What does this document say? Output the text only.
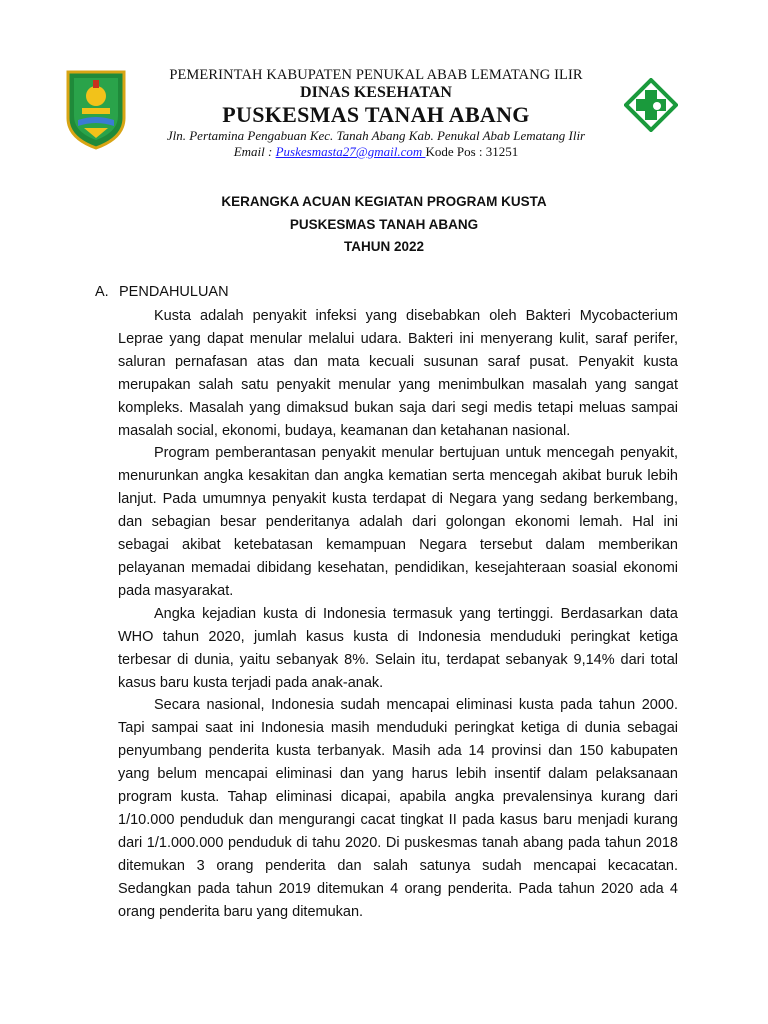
PEMERINTAH KABUPATEN PENUKAL ABAB LEMATANG ILIR
DINAS KESEHATAN
PUSKESMAS TANAH ABANG
Jln. Pertamina Pengabuan Kec. Tanah Abang Kab. Penukal Abab Lematang Ilir
Email : Puskesmasta27@gmail.com Kode Pos : 31251
KERANGKA ACUAN KEGIATAN PROGRAM KUSTA
PUSKESMAS TANAH ABANG
TAHUN 2022
A. PENDAHULUAN

Kusta adalah penyakit infeksi yang disebabkan oleh Bakteri Mycobacterium Leprae yang dapat menular melalui udara. Bakteri ini menyerang kulit, saraf perifer, saluran pernafasan atas dan mata kecuali susunan saraf pusat. Penyakit kusta merupakan salah satu penyakit menular yang menimbulkan masalah yang sangat kompleks. Masalah yang dimaksud bukan saja dari segi medis tetapi meluas sampai masalah social, ekonomi, budaya, keamanan dan ketahanan nasional.

Program pemberantasan penyakit menular bertujuan untuk mencegah penyakit, menurunkan angka kesakitan dan angka kematian serta mencegah akibat buruk lebih lanjut. Pada umumnya penyakit kusta terdapat di Negara yang sedang berkembang, dan sebagian besar penderitanya adalah dari golongan ekonomi lemah. Hal ini sebagai akibat ketebatasan kemampuan Negara tersebut dalam memberikan pelayanan memadai dibidang kesehatan, pendidikan, kesejahteraan soasial ekonomi pada masyarakat.

Angka kejadian kusta di Indonesia termasuk yang tertinggi. Berdasarkan data WHO tahun 2020, jumlah kasus kusta di Indonesia menduduki peringkat ketiga terbesar di dunia, yaitu sebanyak 8%. Selain itu, terdapat sebanyak 9,14% dari total kasus baru kusta terjadi pada anak-anak.

Secara nasional, Indonesia sudah mencapai eliminasi kusta pada tahun 2000. Tapi sampai saat ini Indonesia masih menduduki peringkat ketiga di dunia sebagai penyumbang penderita kusta terbanyak. Masih ada 14 provinsi dan 150 kabupaten yang belum mencapai eliminasi dan yang harus lebih insentif dalam pelaksanaan program kusta. Tahap eliminasi dicapai, apabila angka prevalensinya kurang dari 1/10.000 penduduk dan mengurangi cacat tingkat II pada kasus baru menjadi kurang dari 1/1.000.000 penduduk di tahu 2020. Di puskesmas tanah abang pada tahun 2018 ditemukan 3 orang penderita dan salah satunya sudah mencapai kecacatan. Sedangkan pada tahun 2019 ditemukan 4 orang penderita. Pada tahun 2020 ada 4 orang penderita baru yang ditemukan.
